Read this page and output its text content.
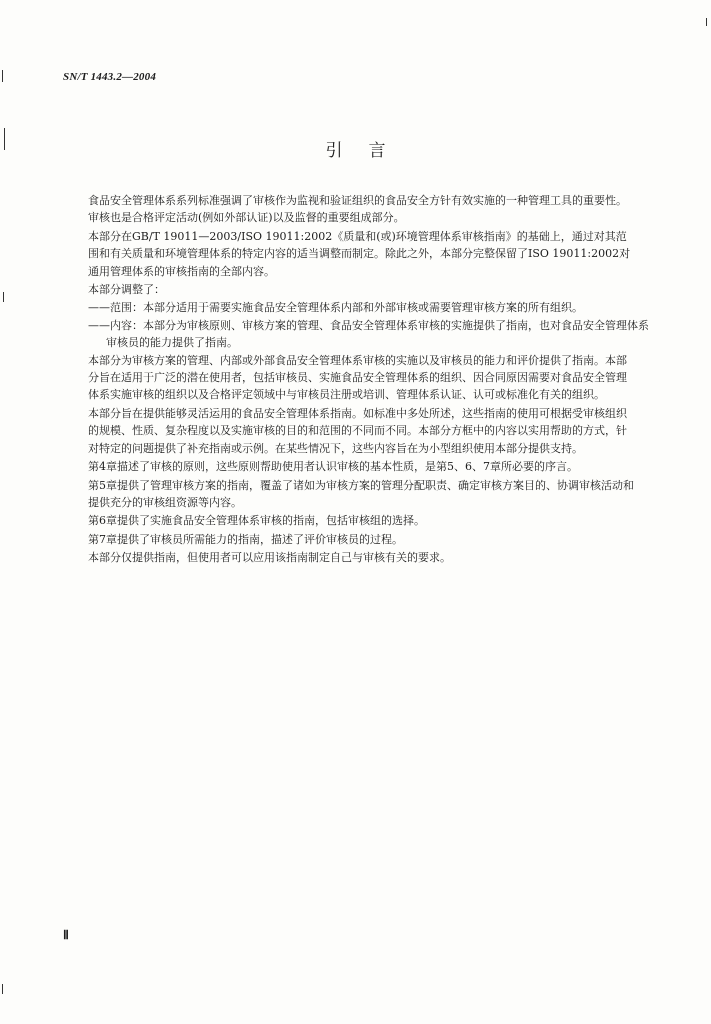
SN/T 1443.2—2004
引言

食品安全管理体系系列标准强调了审核作为监视和验证组织的食品安全方针有效实施的一种管理工具的重要性。审核也是合格评定活动(例如外部认证)以及监督的重要组成部分。

本部分在GB/T 19011—2003/ISO 19011:2002《质量和(或)环境管理体系审核指南》的基础上，通过对其范围和有关质量和环境管理体系的特定内容的适当调整而制定。除此之外，本部分完整保留了ISO 19011:2002对通用管理体系的审核指南的全部内容。

本部分调整了：

——范围：本部分适用于需要实施食品安全管理体系内部和外部审核或需要管理审核方案的所有组织。

——内容：本部分为审核原则、审核方案的管理、食品安全管理体系审核的实施提供了指南，也对食品安全管理体系审核员的能力提供了指南。

本部分为审核方案的管理、内部或外部食品安全管理体系审核的实施以及审核员的能力和评价提供了指南。本部分旨在适用于广泛的潜在使用者，包括审核员、实施食品安全管理体系的组织、因合同原因需要对食品安全管理体系实施审核的组织以及合格评定领域中与审核员注册或培训、管理体系认证、认可或标准化有关的组织。

本部分旨在提供能够灵活运用的食品安全管理体系指南。如标准中多处所述，这些指南的使用可根据受审核组织的规模、性质、复杂程度以及实施审核的目的和范围的不同而不同。本部分方框中的内容以实用帮助的方式，针对特定的问题提供了补充指南或示例。在某些情况下，这些内容旨在为小型组织使用本部分提供支持。

第4章描述了审核的原则，这些原则帮助使用者认识审核的基本性质，是第5、6、7章所必要的序言。

第5章提供了管理审核方案的指南，覆盖了诸如为审核方案的管理分配职责、确定审核方案目的、协调审核活动和提供充分的审核组资源等内容。

第6章提供了实施食品安全管理体系审核的指南，包括审核组的选择。

第7章提供了审核员所需能力的指南，描述了评价审核员的过程。

本部分仅提供指南，但使用者可以应用该指南制定自己与审核有关的要求。

Ⅱ
